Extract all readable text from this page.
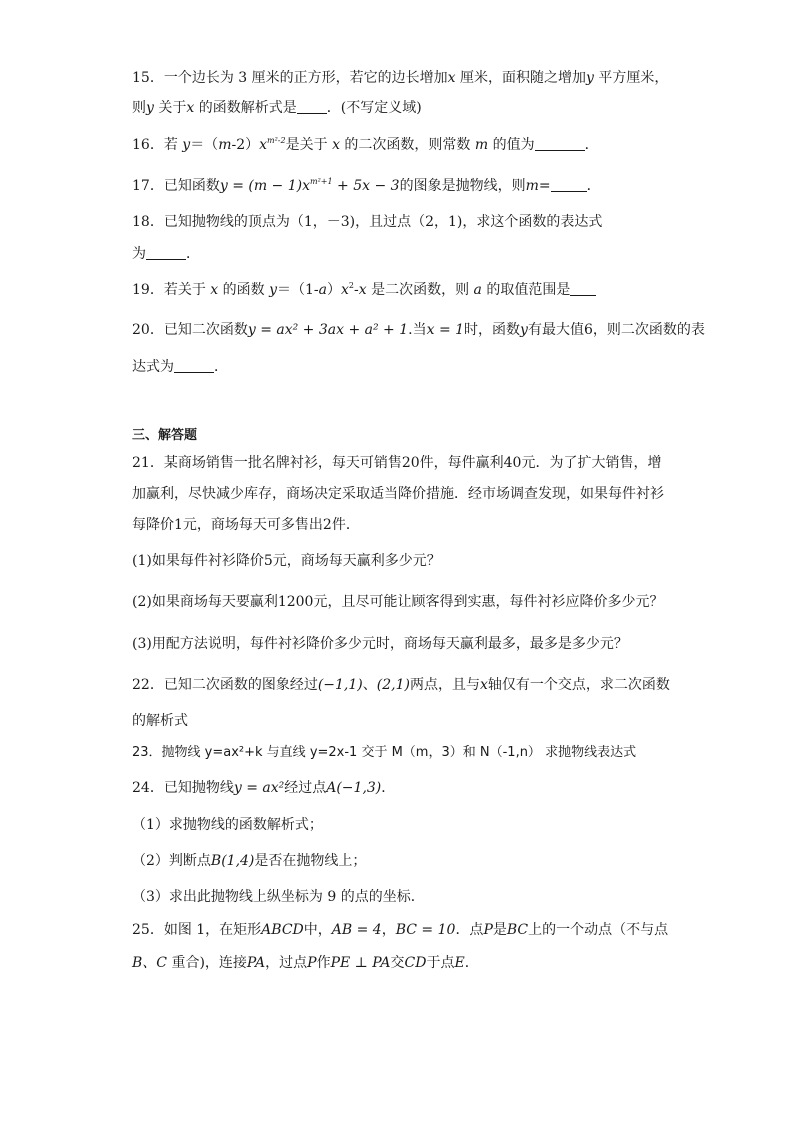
15．一个边长为 3 厘米的正方形，若它的边长增加x 厘米，面积随之增加y 平方厘米，
则y 关于x 的函数解析式是 ．(不写定义域)
16．若 $y=(m-2)x^{m^2-2}$是关于 x 的二次函数，则常数 m 的值为	．
17．已知函数$y = (m - 1)x^{m^2+1} + 5x - 3$的图象是抛物线，则m=	．
18．已知抛物线的顶点为（1，－3)，且过点（2，1)，求这个函数的表达式
为	．
19．若关于 x 的函数 $y=(1-a)x^2-x$ 是二次函数，则 a 的取值范围是
20．已知二次函数y = ax² + 3ax + a² + 1.当x = 1时，函数y有最大值6，则二次函数的表
达式为	．
三、解答题
21．某商场销售一批名牌衬衫，每天可销售20件，每件赢利40元．为了扩大销售，增
加赢利，尽快减少库存，商场决定采取适当降价措施．经市场调查发现，如果每件衬衫
每降价1元，商场每天可多售出2件．
(1)如果每件衬衫降价5元，商场每天赢利多少元？
(2)如果商场每天要赢利1200元，且尽可能让顾客得到实惠，每件衬衫应降价多少元？
(3)用配方法说明，每件衬衫降价多少元时，商场每天赢利最多，最多是多少元？
22．已知二次函数的图象经过(−1,1)、(2,1)两点，且与x轴仅有一个交点，求二次函数
的解析式
23．抛物线 y=ax²+k 与直线 y=2x-1 交于 M（m，3）和 N（-1,n） 求抛物线表达式
24．已知抛物线y = ax²经过点A(−1,3)．
（1）求抛物线的函数解析式；
（2）判断点B(1,4)是否在抛物线上；
（3）求出此抛物线上纵坐标为 9 的点的坐标．
25．如图 1，在矩形ABCD中，AB = 4，BC = 10．点P是BC上的一个动点（不与点
B、C 重合)，连接PA，过点P作PE ⊥ PA交CD于点E．
